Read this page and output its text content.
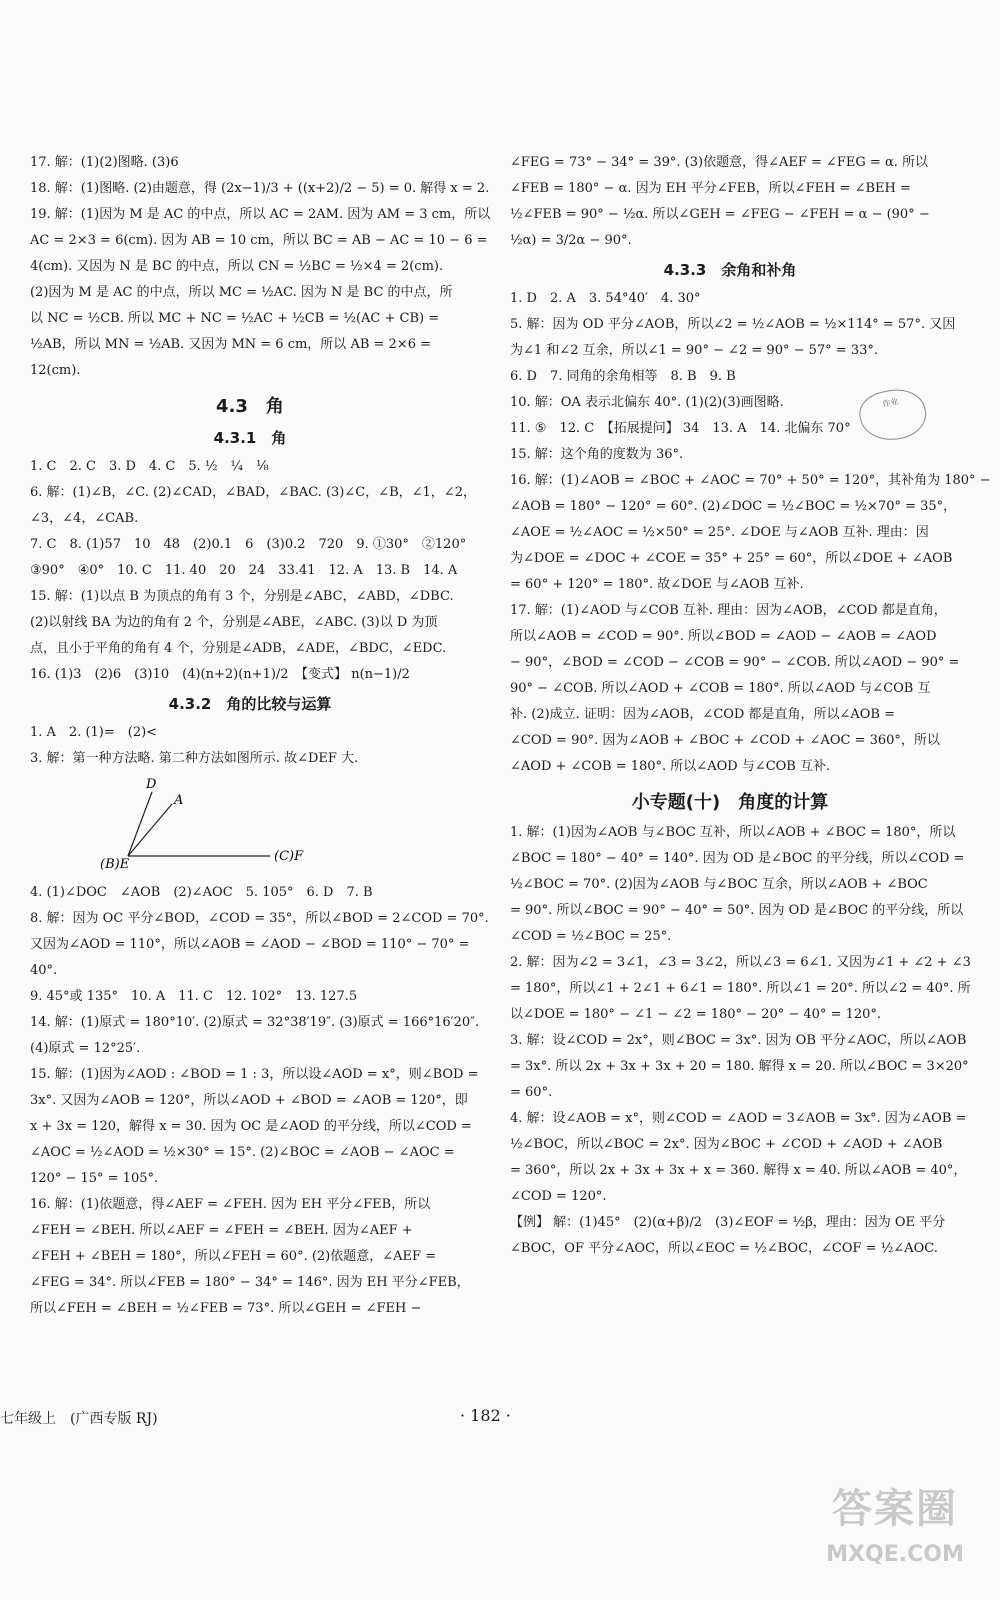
17. 解：(1)(2)图略. (3)6
18. 解：(1)图略. (2)由题意，得 (2x−1)/3 + ((x+2)/2 − 5) = 0. 解得 x = 2.
19. 解：(1)因为 M 是 AC 的中点，所以 AC = 2AM. 因为 AM = 3 cm，所以
AC = 2×3 = 6(cm). 因为 AB = 10 cm，所以 BC = AB − AC = 10 − 6 =
4(cm). 又因为 N 是 BC 的中点，所以 CN = ½BC = ½×4 = 2(cm).
(2)因为 M 是 AC 的中点，所以 MC = ½AC. 因为 N 是 BC 的中点，所
以 NC = ½CB. 所以 MC + NC = ½AC + ½CB = ½(AC + CB) =
½AB，所以 MN = ½AB. 又因为 MN = 6 cm，所以 AB = 2×6 =
12(cm).
4.3　角
4.3.1　角
1. C　2. C　3. D　4. C　5. ½　¼　⅛
6. 解：(1)∠B，∠C. (2)∠CAD，∠BAD，∠BAC. (3)∠C，∠B，∠1，∠2，
∠3，∠4，∠CAB.
7. C　8. (1)57　10　48　(2)0.1　6　(3)0.2　720　9. ①30°　②120°
③90°　④0°　10. C　11. 40　20　24　33.41　12. A　13. B　14. A
15. 解：(1)以点 B 为顶点的角有 3 个，分别是∠ABC，∠ABD，∠DBC.
(2)以射线 BA 为边的角有 2 个，分别是∠ABE，∠ABC. (3)以 D 为顶
点，且小于平角的角有 4 个，分别是∠ADB，∠ADE，∠BDC，∠EDC.
16. (1)3　(2)6　(3)10　(4)(n+2)(n+1)/2　【变式】 n(n−1)/2
4.3.2　角的比较与运算
1. A　2. (1)=　(2)<
3. 解：第一种方法略. 第二种方法如图所示. 故∠DEF 大.
D
A
(C)F
(B)E
4. (1)∠DOC　∠AOB　(2)∠AOC　5. 105°　6. D　7. B
8. 解：因为 OC 平分∠BOD，∠COD = 35°，所以∠BOD = 2∠COD = 70°.
又因为∠AOD = 110°，所以∠AOB = ∠AOD − ∠BOD = 110° − 70° =
40°.
9. 45°或 135°　10. A　11. C　12. 102°　13. 127.5
14. 解：(1)原式 = 180°10′. (2)原式 = 32°38′19″. (3)原式 = 166°16′20″.
(4)原式 = 12°25′.
15. 解：(1)因为∠AOD : ∠BOD = 1 : 3，所以设∠AOD = x°，则∠BOD =
3x°. 又因为∠AOB = 120°，所以∠AOD + ∠BOD = ∠AOB = 120°，即
x + 3x = 120，解得 x = 30. 因为 OC 是∠AOD 的平分线，所以∠COD =
∠AOC = ½∠AOD = ½×30° = 15°. (2)∠BOC = ∠AOB − ∠AOC =
120° − 15° = 105°.
16. 解：(1)依题意，得∠AEF = ∠FEH. 因为 EH 平分∠FEB，所以
∠FEH = ∠BEH. 所以∠AEF = ∠FEH = ∠BEH. 因为∠AEF +
∠FEH + ∠BEH = 180°，所以∠FEH = 60°. (2)依题意，∠AEF =
∠FEG = 34°. 所以∠FEB = 180° − 34° = 146°. 因为 EH 平分∠FEB，
所以∠FEH = ∠BEH = ½∠FEB = 73°. 所以∠GEH = ∠FEH −
∠FEG = 73° − 34° = 39°. (3)依题意，得∠AEF = ∠FEG = α. 所以
∠FEB = 180° − α. 因为 EH 平分∠FEB，所以∠FEH = ∠BEH =
½∠FEB = 90° − ½α. 所以∠GEH = ∠FEG − ∠FEH = α − (90° −
½α) = 3/2α − 90°.
4.3.3　余角和补角
1. D　2. A　3. 54°40′　4. 30°
5. 解：因为 OD 平分∠AOB，所以∠2 = ½∠AOB = ½×114° = 57°. 又因
为∠1 和∠2 互余，所以∠1 = 90° − ∠2 = 90° − 57° = 33°.
6. D　7. 同角的余角相等　8. B　9. B
10. 解：OA 表示北偏东 40°. (1)(2)(3)画图略.
11. ⑤　12. C　【拓展提问】 34　13. A　14. 北偏东 70°
15. 解：这个角的度数为 36°.
16. 解：(1)∠AOB = ∠BOC + ∠AOC = 70° + 50° = 120°，其补角为 180° −
∠AOB = 180° − 120° = 60°. (2)∠DOC = ½∠BOC = ½×70° = 35°，
∠AOE = ½∠AOC = ½×50° = 25°. ∠DOE 与∠AOB 互补. 理由：因
为∠DOE = ∠DOC + ∠COE = 35° + 25° = 60°，所以∠DOE + ∠AOB
= 60° + 120° = 180°. 故∠DOE 与∠AOB 互补.
17. 解：(1)∠AOD 与∠COB 互补. 理由：因为∠AOB，∠COD 都是直角，
所以∠AOB = ∠COD = 90°. 所以∠BOD = ∠AOD − ∠AOB = ∠AOD
− 90°，∠BOD = ∠COD − ∠COB = 90° − ∠COB. 所以∠AOD − 90° =
90° − ∠COB. 所以∠AOD + ∠COB = 180°. 所以∠AOD 与∠COB 互
补. (2)成立. 证明：因为∠AOB，∠COD 都是直角，所以∠AOB =
∠COD = 90°. 因为∠AOB + ∠BOC + ∠COD + ∠AOC = 360°，所以
∠AOD + ∠COB = 180°. 所以∠AOD 与∠COB 互补.
小专题(十)　角度的计算
1. 解：(1)因为∠AOB 与∠BOC 互补，所以∠AOB + ∠BOC = 180°，所以
∠BOC = 180° − 40° = 140°. 因为 OD 是∠BOC 的平分线，所以∠COD =
½∠BOC = 70°. (2)因为∠AOB 与∠BOC 互余，所以∠AOB + ∠BOC
= 90°. 所以∠BOC = 90° − 40° = 50°. 因为 OD 是∠BOC 的平分线，所以
∠COD = ½∠BOC = 25°.
2. 解：因为∠2 = 3∠1，∠3 = 3∠2，所以∠3 = 6∠1. 又因为∠1 + ∠2 + ∠3
= 180°，所以∠1 + 2∠1 + 6∠1 = 180°. 所以∠1 = 20°. 所以∠2 = 40°. 所
以∠DOE = 180° − ∠1 − ∠2 = 180° − 20° − 40° = 120°.
3. 解：设∠COD = 2x°，则∠BOC = 3x°. 因为 OB 平分∠AOC，所以∠AOB
= 3x°. 所以 2x + 3x + 3x + 20 = 180. 解得 x = 20. 所以∠BOC = 3×20°
= 60°.
4. 解：设∠AOB = x°，则∠COD = ∠AOD = 3∠AOB = 3x°. 因为∠AOB =
½∠BOC，所以∠BOC = 2x°. 因为∠BOC + ∠COD + ∠AOD + ∠AOB
= 360°，所以 2x + 3x + 3x + x = 360. 解得 x = 40. 所以∠AOB = 40°，
∠COD = 120°.
【例】 解：(1)45°　(2)(α+β)/2　(3)∠EOF = ½β，理由：因为 OE 平分
∠BOC，OF 平分∠AOC，所以∠EOC = ½∠BOC，∠COF = ½∠AOC.
七年级上　(广西专版 RJ)	· 182 ·
作业
答案圈
MXQE.COM
